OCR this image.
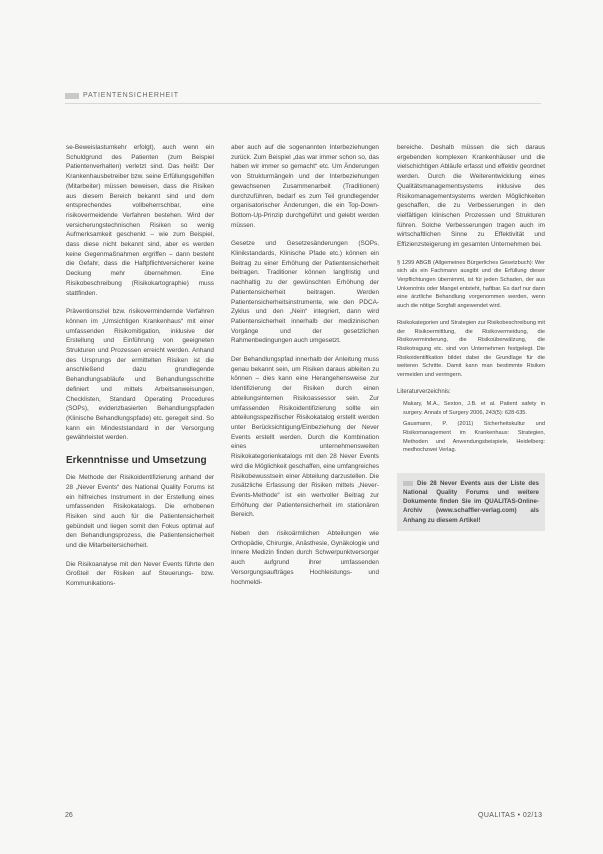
PATIENTENSICHERHEIT

se-Beweislastumkehr erfolgt), auch wenn ein Schuldgrund des Patienten (zum Beispiel Patientenverhalten) verletzt sind. Das heißt: Der Krankenhausbetreiber bzw. seine Erfüllungsgehilfen (Mitarbeiter) müssen beweisen, dass die Risiken aus diesem Bereich bekannt sind und dem entsprechendes vollbeherrschbar, eine risikovermeidende Verfahren bestehen. Wird der versicherungstechnischen Risiken so wenig Aufmerksamkeit geschenkt – wie zum Beispiel, dass diese nicht bekannt sind, aber es werden keine Gegenmaßnahmen ergriffen – dann besteht die Gefahr, dass die Haftpflichtversicherer keine Deckung mehr übernehmen. Eine Risikobeschreibung (Risikokartographie) muss stattfinden.

Präventionsziel bzw. risikovermindernde Verfahren können im „Umsichtigen Krankenhaus“ mit einer umfassenden Risikomitigation, inklusive der Erstellung und Einführung von geeigneten Strukturen und Prozessen erreicht werden. Anhand des Ursprungs der ermittelten Risiken ist die anschließend dazu grundlegende Behandlungsabläufe und Behandlungsschritte definiert und mittels Arbeitsanweisungen, Checklisten, Standard Operating Procedures (SOPs), evidenzbasierten Behandlungspfaden (Klinische Behandlungspfade) etc. geregelt sind. So kann ein Mindeststandard in der Versorgung gewährleistet werden.

Erkenntnisse und Umsetzung

Die Methode der Risikoidentifizierung anhand der 28 „Never Events“ des National Quality Forums ist ein hilfreiches Instrument in der Erstellung eines umfassenden Risikokatalogs. Die erhobenen Risiken sind auch für die Patientensicherheit gebündelt und liegen somit den Fokus optimal auf den Behandlungsprozess, die Patientensicherheit und die Mitarbeitersicherheit.

Die Risikoanalyse mit den Never Events führte den Großteil der Risiken auf Steuerungs- bzw. Kommunikations-

aber auch auf die sogenannten Interbeziehungen zurück. Zum Beispiel „das war immer schon so, das haben wir immer so gemacht“ etc. Um Änderungen von Strukturmängeln und der Interbeziehungen gewachsenen Zusammenarbeit (Traditionen) durchzuführen, bedarf es zum Teil grundlegender organisatorischer Änderungen, die ein Top-Down-Bottom-Up-Prinzip durchgeführt und gelebt werden müssen.

Gesetze und Gesetzesänderungen (SOPs, Klinikstandards, Klinische Pfade etc.) können ein Beitrag zu einer Erhöhung der Patientensicherheit beitragen. Traditioner können langfristig und nachhaltig zu der gewünschten Erhöhung der Patientensicherheit beitragen. Werden Patientensicherheitsinstrumente, wie den PDCA-Zyklus und den „Nein“ integriert, dann wird Patientensicherheit innerhalb der medizinischen Vorgänge und der gesetzlichen Rahmenbedingungen auch umgesetzt.

Der Behandlungspfad innerhalb der Anleitung muss genau bekannt sein, um Risiken daraus ableiten zu können – dies kann eine Herangehensweise zur Identifizierung der Risiken durch einen abteilungsinternen Risikoassessor sein. Zur umfassenden Risikoidentifizierung sollte ein abteilungsspezifischer Risikokatalog erstellt werden unter Berücksichtigung/Einbeziehung der Never Events erstellt werden. Durch die Kombination eines unternehmensweiten Risikokategorienkatalogs mit den 28 Never Events wird die Möglichkeit geschaffen, eine umfangreiches Risikobewusstsein einer Abteilung darzustellen. Die zusätzliche Erfassung der Risiken mittels „Never-Events-Methode“ ist ein wertvoller Beitrag zur Erhöhung der Patientensicherheit im stationären Bereich.

Neben den risikoärmlichen Abteilungen wie Orthopädie, Chirurgie, Anästhesie, Gynäkologie und Innere Medizin finden durch Schwerpunktversorger auch aufgrund ihrer umfassenden Versorgungsaufträges Hochleistungs- und hochmeldi-

bereiche. Deshalb müssen die sich daraus ergebenden komplexen Krankenhäuser und die vielschichtigen Abläufe erfasst und effektiv geordnet werden. Durch die Weiterentwicklung eines Qualitätsmanagementsystems inklusive des Risikomanagementsystems werden Möglichkeiten geschaffen, die zu Verbesserungen in den vielfältigen klinischen Prozessen und Strukturen führen. Solche Verbesserungen tragen auch im wirtschaftlichen Sinne zu Effektivität und Effizienzsteigerung im gesamten Unternehmen bei.

§ 1299 ABGB (Allgemeines Bürgerliches Gesetzbuch): Wer sich als ein Fachmann ausgibt und die Erfüllung dieser Verpflichtungen übernimmt, ist für jeden Schaden, der aus Unkenntnis oder Mangel entsteht, haftbar. Es darf nur dann eine ärztliche Behandlung vorgenommen werden, wenn auch die nötige Sorgfalt angewendet wird.

Risikokategorien und Strategien zur Risikobeschreibung mit der Risikoermittlung, die Risikovermeidung, die Risikoverminderung, die Risikoüberwälzung, die Risikotragung etc. sind von Unternehmen festgelegt. Die Risikoidentifikation bildet dabei die Grundlage für die weiteren Schritte. Damit kann man bestimmte Risiken vermeiden und verringern.

Literaturverzeichnis:
Makary, M.A., Sexton, J.B. et al. Patient safety in surgery. Annals of Surgery 2006, 243(5): 628-635.
Gausmann, P. (2011) Sicherheitskultur und Risikomanagement im Krankenhaus: Strategien, Methoden und Anwendungsbeispiele, Heidelberg: medhochzwei Verlag.
Die 28 Never Events aus der Liste des National Quality Forums und weitere Dokumente finden Sie im QUALITAS-Online-Archiv (www.schaffler-verlag.com) als Anhang zu diesem Artikel!
26	QUALITAS • 02/13
